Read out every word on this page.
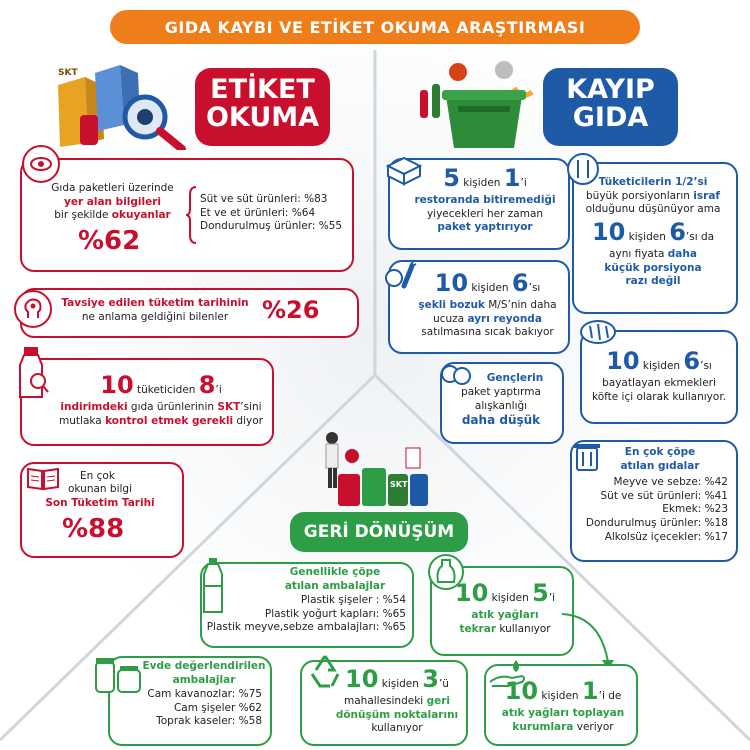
GIDA KAYBI VE ETİKET OKUMA ARAŞTIRMASI
SKT
ETİKET
OKUMA
Gıda paketleri üzerinde
yer alan bilgileri
bir şekilde okuyanlar
%62
Süt ve süt ürünleri: %83
Et ve et ürünleri: %64
Dondurulmuş ürünler: %55
Tavsiye edilen tüketim tarihinin
ne anlama geldiğini bilenler	%26
10 tüketiciden 8’i
indirimdeki gıda ürünlerinin SKT’sini
mutlaka kontrol etmek gerekli diyor
En çok
okunan bilgi
Son Tüketim Tarihi
%88
KAYIP
GIDA
5 kişiden 1’i
restoranda bitiremediği
yiyecekleri her zaman
paket yaptırıyor
Tüketicilerin 1/2’si
büyük porsiyonların israf
olduğunu düşünüyor ama
10 kişiden 6’sı da
aynı fiyata daha
küçük porsiyona
razı değil
10 kişiden 6’sı
şekli bozuk M/S’nin daha
ucuza ayrı reyonda
satılmasına sıcak bakıyor
10 kişiden 6’sı
bayatlayan ekmekleri
köfte içi olarak kullanıyor.
Gençlerin
paket yaptırma
alışkanlığı
daha düşük
En çok çöpe
atılan gıdalar
Meyve ve sebze: %42
Süt ve süt ürünleri: %41
Ekmek: %23
Dondurulmuş ürünler: %18
Alkolsüz içecekler: %17
SKT
GERİ DÖNÜŞÜM
Genellikle çöpe
atılan ambalajlar
Plastik şişeler : %54
Plastik yoğurt kapları: %65
Plastik meyve,sebze ambalajları: %65
10 kişiden 5’i
atık yağları
tekrar kullanıyor
Evde değerlendirilen
ambalajlar
Cam kavanozlar: %75
Cam şişeler %62
Toprak kaseler: %58
10 kişiden 3’ü
mahallesindeki geri
dönüşüm noktalarını
kullanıyor
10 kişiden 1’i de
atık yağları toplayan
kurumlara veriyor
